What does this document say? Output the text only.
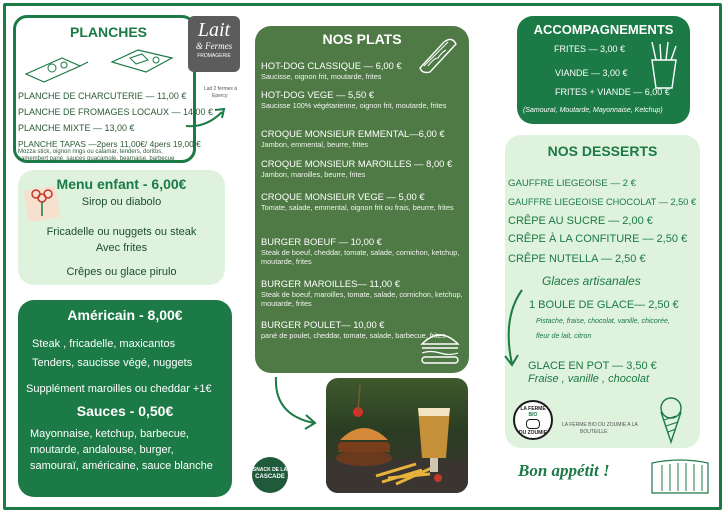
PLANCHES
PLANCHE DE CHARCUTERIE — 11,00 €
PLANCHE DE FROMAGES LOCAUX — 14,00 €
PLANCHE MIXTE — 13,00 €
PLANCHE TAPAS —2pers 11,00€/ 4pers 19,00 €
Mozza stick, oignon rings ou calamar, tenders, doritos,
camembert pané, sauces guacamole, bearnaise, barbecue
Lait
& Fermes
FROMAGERIE
Lait 2 fermes à
Epercy
Menu enfant - 6,00€
Sirop ou diabolo
Fricadelle ou nuggets ou steak
Avec frites
Crêpes ou glace pirulo
Américain - 8,00€
Steak , fricadelle, maxicantos
Tenders, saucisse végé, nuggets
Supplément maroilles ou cheddar +1€
Sauces - 0,50€
Mayonnaise, ketchup, barbecue,
moutarde, andalouse, burger,
samouraï, américaine, sauce blanche	SNACK DE LA
CASCADE
NOS PLATS
HOT-DOG CLASSIQUE — 6,00 €
Saucisse, oignon frit, moutarde, frites
HOT-DOG VEGE — 5,50 €
Saucisse 100% végétarienne, oignon frit, moutarde, frites
CROQUE MONSIEUR EMMENTAL—6,00 €
Jambon, emmental, beurre, frites
CROQUE MONSIEUR MAROILLES — 8,00 €
Jambon, maroilles, beurre, frites
CROQUE MONSIEUR VEGE — 5,00 €
Tomate, salade, emmental, oignon frit ou frais, beurre, frites
BURGER BOEUF — 10,00 €
Steak de boeuf, cheddar, tomate, salade, cornichon, ketchup, moutarde, frites
BURGER MAROILLES— 11,00 €
Steak de boeuf, maroilles, tomate, salade, cornichon, ketchup, moutarde, frites
BURGER POULET— 10,00 €
pané de poulet, cheddar, tomate, salade, barbecue, frites
ACCOMPAGNEMENTS
FRITES — 3,00 €
VIANDE — 3,00 €
FRITES + VIANDE — 6,00 €
(Samouraï, Moutarde, Mayonnaise, Ketchup)
NOS DESSERTS
GAUFFRE LIEGEOISE — 2 €
GAUFFRE LIEGEOISE CHOCOLAT — 2,50 €
CRÊPE AU SUCRE — 2,00 €
CRÊPE À LA CONFITURE — 2,50 €
CRÊPE NUTELLA — 2,50 €
Glaces artisanales
1 BOULE DE GLACE— 2,50 €
Pistache, fraise, chocolat, vanille, chicorée,
fleur de lait, citron
GLACE EN POT — 3,50 €
Fraise , vanille , chocolat
LA FERME
BIO
DU ZOUMIE
LA FERME BIO DU ZOUMIE A LA
BOUTEILLE
Bon appétit !
